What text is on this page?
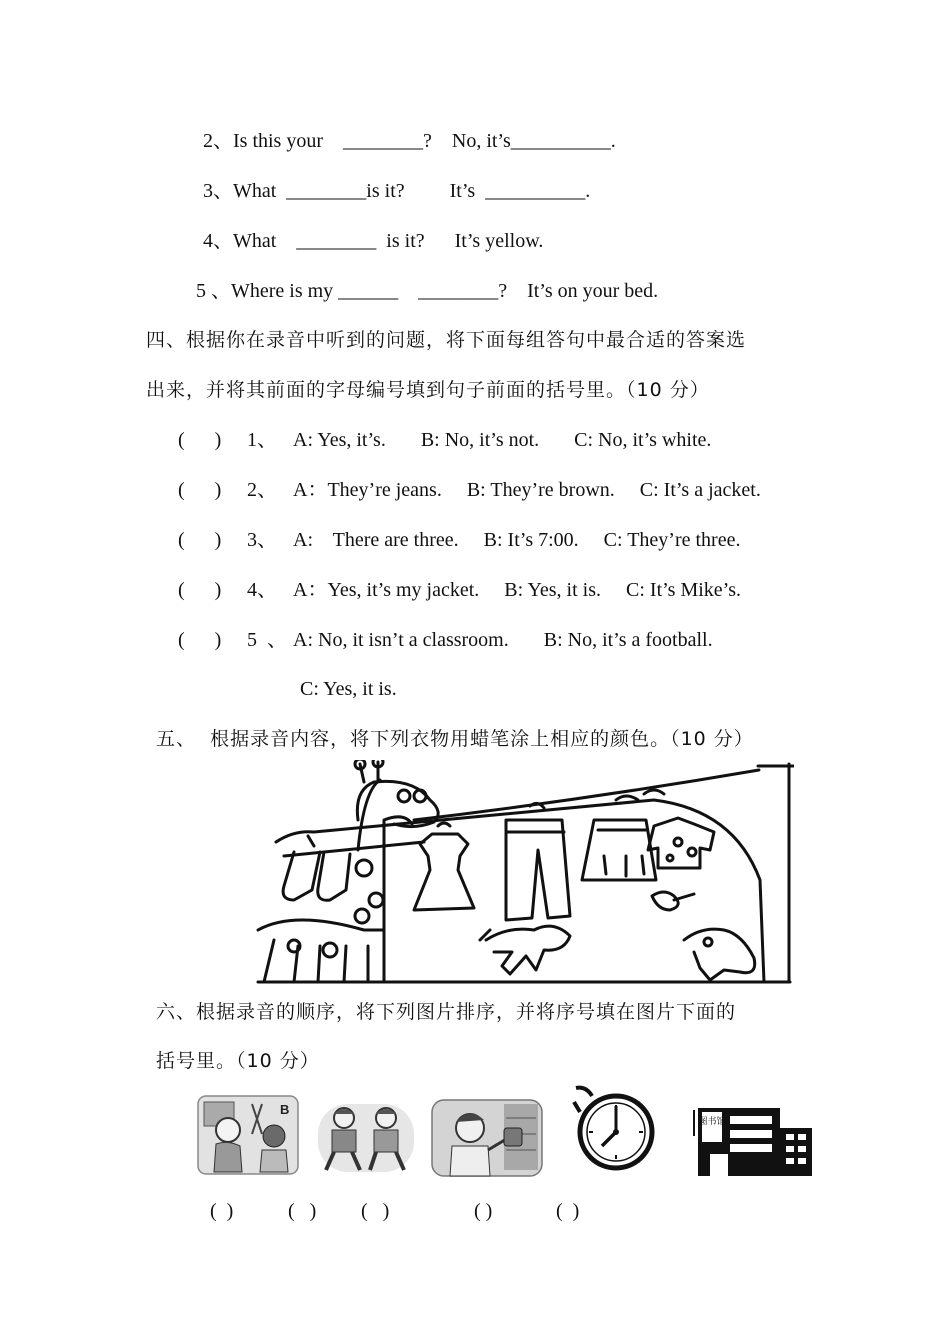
2、Is this your    ________?    No, it’s__________.
3、What  ________is it?         It’s  __________.
4、What    ________  is it?      It’s yellow.
5 、Where is my ______    ________?    It’s on your bed.
四、根据你在录音中听到的问题，将下面每组答句中最合适的答案选
出来，并将其前面的字母编号填到句子前面的括号里。（10 分）
(      ) 1、 A: Yes, it’s.       B: No, it’s not.       C: No, it’s white.
(      ) 2、 A：They’re jeans.     B: They’re brown.     C: It’s a jacket.
(      ) 3、 A:    There are three.     B: It’s 7:00.     C: They’re three.
(      ) 4、 A：Yes, it’s my jacket.     B: Yes, it is.     C: It’s Mike’s.
(      ) 5  、 A: No, it isn’t a classroom.       B: No, it’s a football.
C: Yes, it is.
五、  根据录音内容，将下列衣物用蜡笔涂上相应的颜色。（10 分）
六、根据录音的顺序，将下列图片排序，并将序号填在图片下面的
括号里。（10 分）
B
图书馆
(  )	(   ) (   )	( )	(  )
